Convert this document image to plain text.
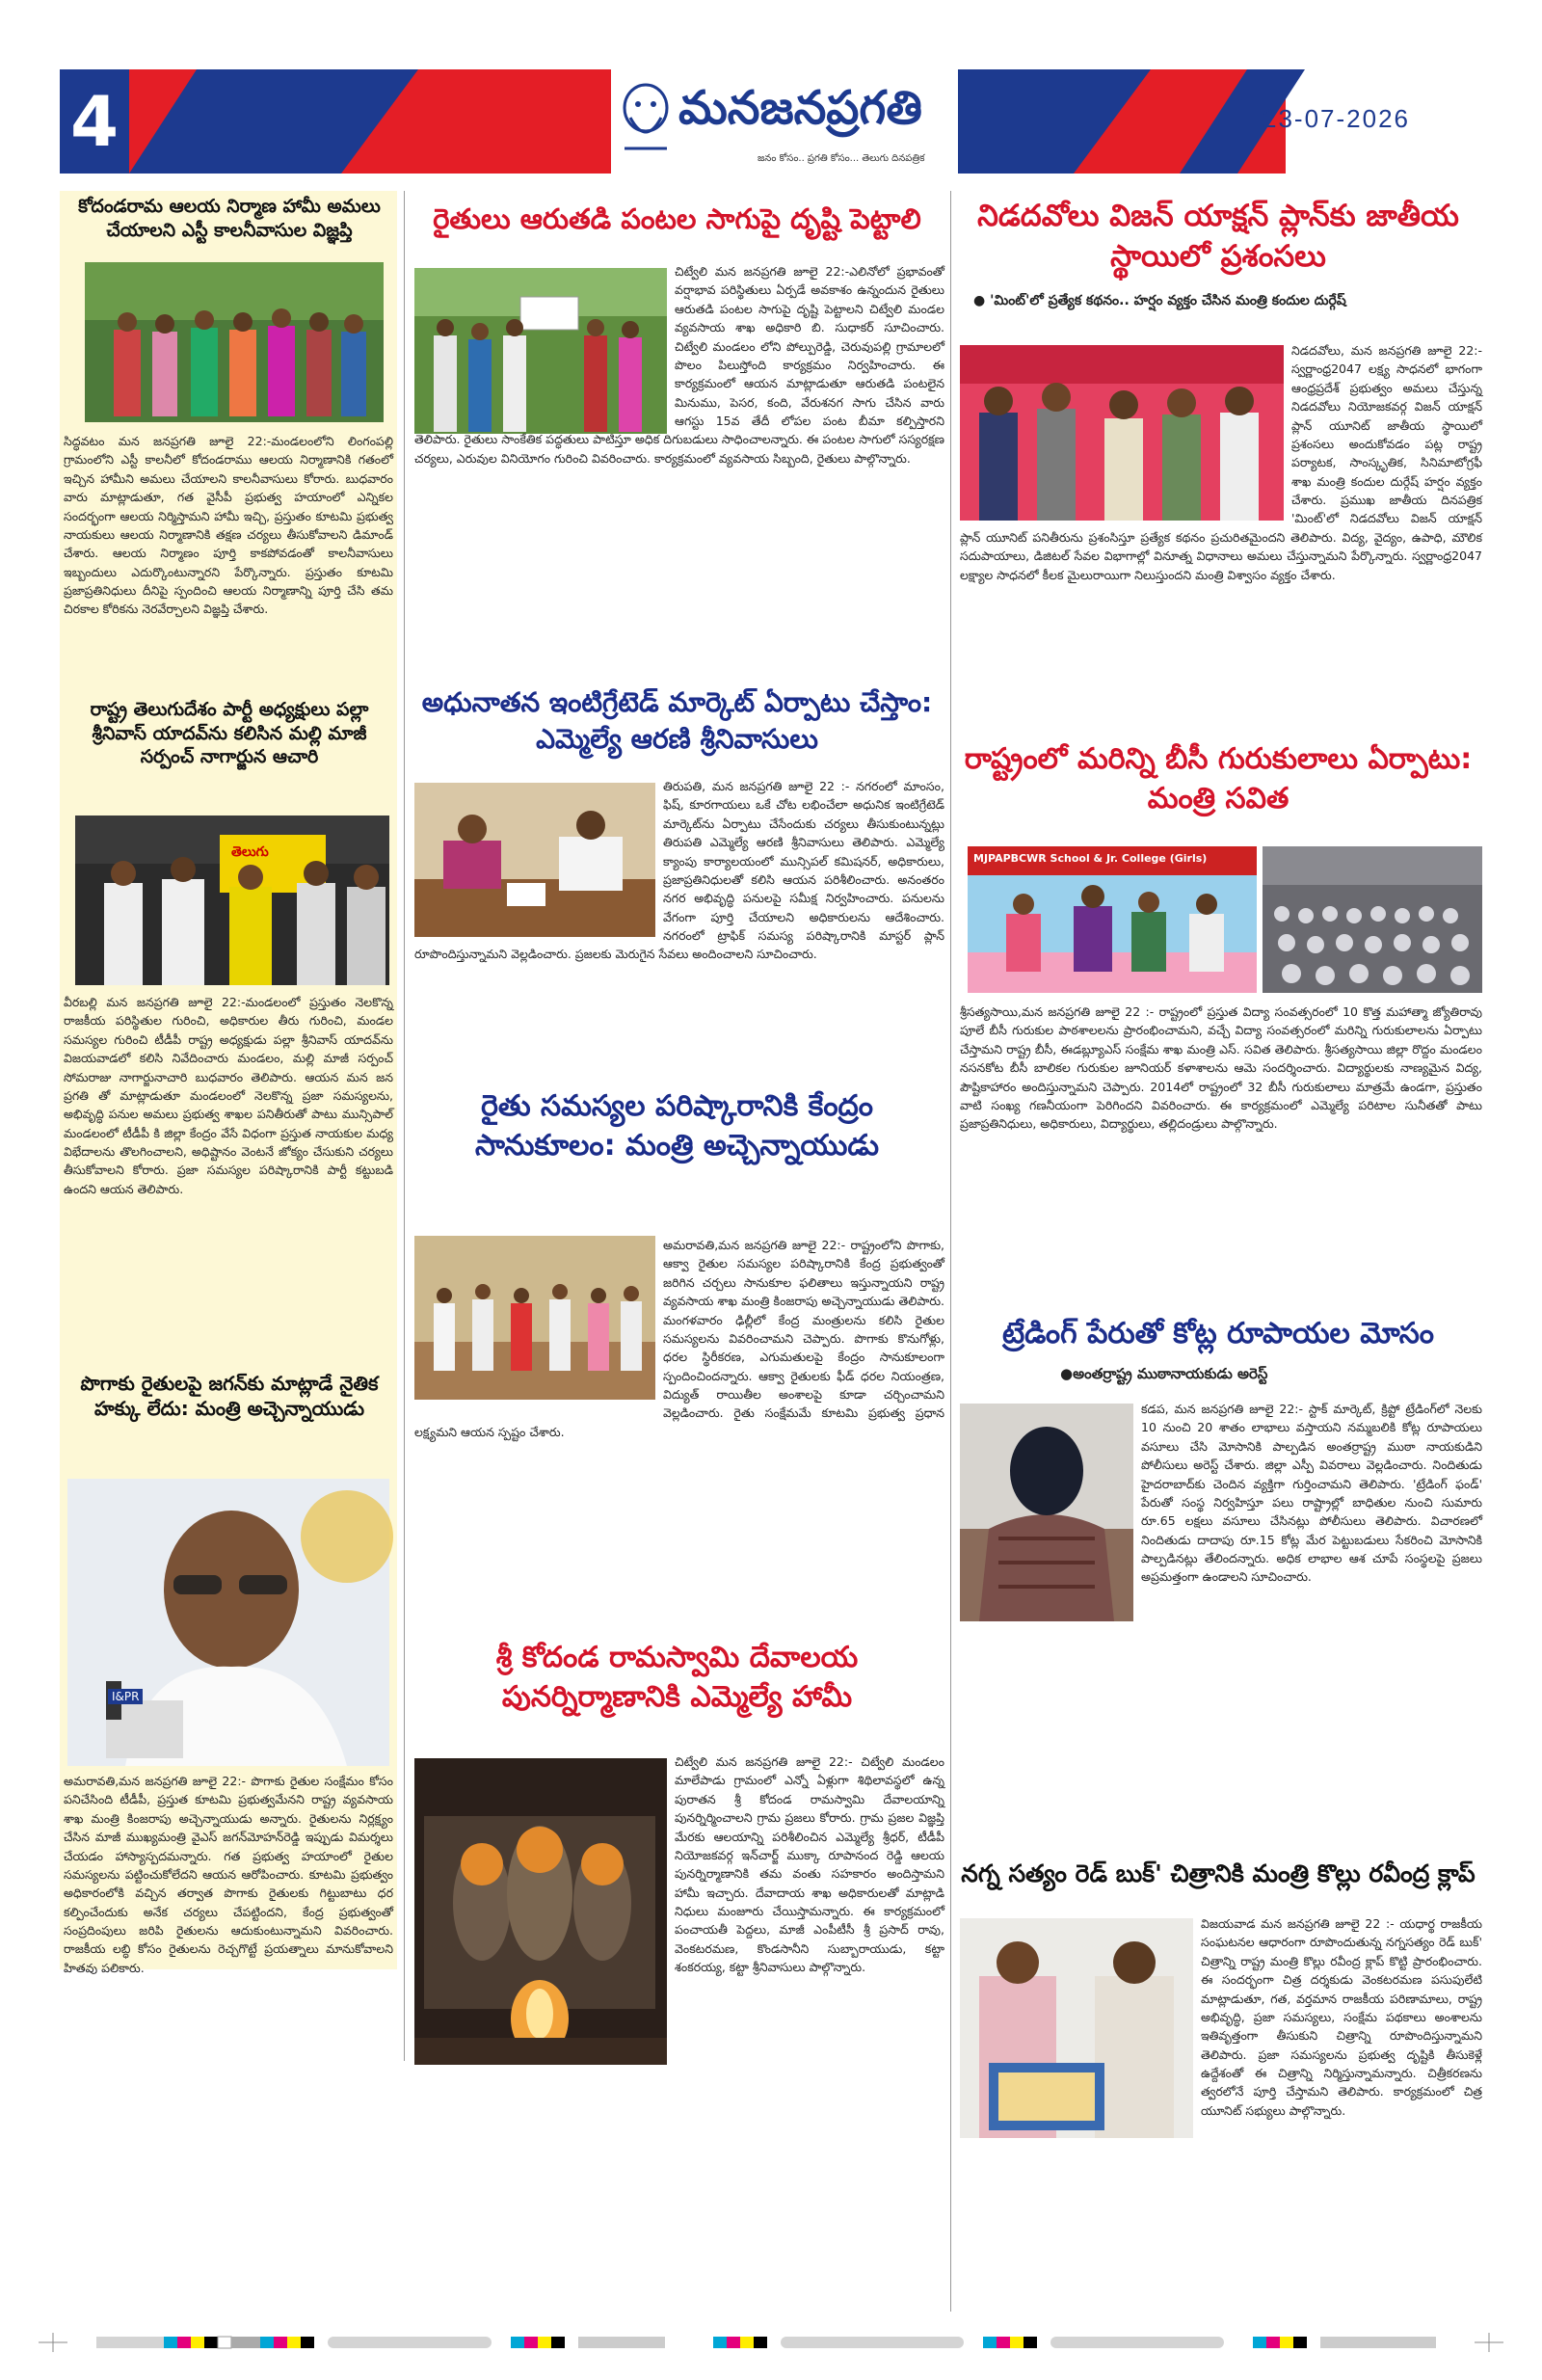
4	మనజనప్రగతి
జనం కోసం.. ప్రగతి కోసం... తెలుగు దినపత్రిక
23-07-2026
కోదండరామ ఆలయ నిర్మాణ హామీ అమలు చేయాలని ఎస్టీ కాలనీవాసుల విజ్ఞప్తి
సిద్ధవటం మన జనప్రగతి జూలై 22:-మండలంలోని లింగంపల్లి గ్రామంలోని ఎస్టీ కాలనీలో కోదండరాము ఆలయ నిర్మాణానికి గతంలో ఇచ్చిన హామీని అమలు చేయాలని కాలనీవాసులు కోరారు. బుధవారం వారు మాట్లాడుతూ, గత వైసీపీ ప్రభుత్వ హయాంలో ఎన్నికల సందర్భంగా ఆలయ నిర్మిస్తామని హామీ ఇచ్చి, ప్రస్తుతం కూటమి ప్రభుత్వ నాయకులు ఆలయ నిర్మాణానికి తక్షణ చర్యలు తీసుకోవాలని డిమాండ్ చేశారు. ఆలయ నిర్మాణం పూర్తి కాకపోవడంతో కాలనీవాసులు ఇబ్బందులు ఎదుర్కొంటున్నారని పేర్కొన్నారు. ప్రస్తుతం కూటమి ప్రజాప్రతినిధులు దీనిపై స్పందించి ఆలయ నిర్మాణాన్ని పూర్తి చేసి తమ చిరకాల కోరికను నెరవేర్చాలని విజ్ఞప్తి చేశారు.
రాష్ట్ర తెలుగుదేశం పార్టీ అధ్యక్షులు పల్లా శ్రీనివాస్ యాదవ్‌ను కలిసిన మల్లి మాజీ సర్పంచ్ నాగార్జున ఆచారి
తెలుగు
వీరబల్లి మన జనప్రగతి జూలై 22:-మండలంలో ప్రస్తుతం నెలకొన్న రాజకీయ పరిస్థితుల గురించి, అధికారుల తీరు గురించి, మండల సమస్యల గురించి టీడీపీ రాష్ట్ర అధ్యక్షుడు పల్లా శ్రీనివాస్ యాదవ్‌ను విజయవాడలో కలిసి నివేదించారు మండలం, మల్లి మాజీ సర్పంచ్ సోమరాజు నాగార్జునాచారి బుధవారం తెలిపారు. ఆయన మన జన ప్రగతి తో మాట్లాడుతూ మండలంలో నెలకొన్న ప్రజా సమస్యలను, అభివృద్ధి పనుల అమలు ప్రభుత్వ శాఖల పనితీరుతో పాటు మున్సిపాల్ మండలంలో టీడీపీ కి జిల్లా కేంద్రం వేసే విధంగా ప్రస్తుత నాయకుల మధ్య విభేదాలను తొలగించాలని, అధిష్టానం వెంటనే జోక్యం చేసుకుని చర్యలు తీసుకోవాలని కోరారు. ప్రజా సమస్యల పరిష్కారానికి పార్టీ కట్టుబడి ఉందని ఆయన తెలిపారు.
పొగాకు రైతులపై జగన్‌కు మాట్లాడే నైతిక హక్కు లేదు: మంత్రి అచ్చెన్నాయుడు
I&PR
అమరావతి,మన జనప్రగతి జూలై 22:- పొగాకు రైతుల సంక్షేమం కోసం పనిచేసింది టీడీపీ, ప్రస్తుత కూటమి ప్రభుత్వమేనని రాష్ట్ర వ్యవసాయ శాఖ మంత్రి కింజరాపు అచ్చెన్నాయుడు అన్నారు. రైతులను నిర్లక్ష్యం చేసిన మాజీ ముఖ్యమంత్రి వైఎస్ జగన్‌మోహన్‌రెడ్డి ఇప్పుడు విమర్శలు చేయడం హాస్యాస్పదమన్నారు. గత ప్రభుత్వ హయాంలో రైతుల సమస్యలను పట్టించుకోలేదని ఆయన ఆరోపించారు. కూటమి ప్రభుత్వం అధికారంలోకి వచ్చిన తర్వాత పొగాకు రైతులకు గిట్టుబాటు ధర కల్పించేందుకు అనేక చర్యలు చేపట్టిందని, కేంద్ర ప్రభుత్వంతో సంప్రదింపులు జరిపి రైతులను ఆదుకుంటున్నామని వివరించారు. రాజకీయ లబ్ధి కోసం రైతులను రెచ్చగొట్టే ప్రయత్నాలు మానుకోవాలని హితవు పలికారు.
రైతులు ఆరుతడి పంటల సాగుపై దృష్టి పెట్టాలి
చిట్వేలి మన జనప్రగతి జూలై 22:-ఎలినోలో ప్రభావంతో వర్షాభావ పరిస్థితులు ఏర్పడే అవకాశం ఉన్నందున రైతులు ఆరుతడి పంటల సాగుపై దృష్టి పెట్టాలని చిట్వేలి మండల వ్యవసాయ శాఖ అధికారి బి. సుధాకర్ సూచించారు. చిట్వేలి మండలం లోని పోల్పురెడ్డి, చెరువుపల్లి గ్రామాలలో పొలం పిలుస్తోంది కార్యక్రమం నిర్వహించారు. ఈ కార్యక్రమంలో ఆయన మాట్లాడుతూ ఆరుతడి పంటలైన మినుము, పెసర, కంది, వేరుశనగ సాగు చేసిన వారు ఆగస్టు 15వ తేదీ లోపల పంట బీమా కల్పిస్తారని తెలిపారు. రైతులు సాంకేతిక పద్ధతులు పాటిస్తూ అధిక దిగుబడులు సాధించాలన్నారు. ఈ పంటల సాగులో సస్యరక్షణ చర్యలు, ఎరువుల వినియోగం గురించి వివరించారు. కార్యక్రమంలో వ్యవసాయ సిబ్బంది, రైతులు పాల్గొన్నారు.
అధునాతన ఇంటిగ్రేటెడ్ మార్కెట్ ఏర్పాటు చేస్తాం: ఎమ్మెల్యే ఆరణి శ్రీనివాసులు
తిరుపతి, మన జనప్రగతి జూలై 22 :- నగరంలో మాంసం, ఫిష్, కూరగాయలు ఒకే చోట లభించేలా అధునిక ఇంటిగ్రేటెడ్ మార్కెట్‌ను ఏర్పాటు చేసేందుకు చర్యలు తీసుకుంటున్నట్లు తిరుపతి ఎమ్మెల్యే ఆరణి శ్రీనివాసులు తెలిపారు. ఎమ్మెల్యే క్యాంపు కార్యాలయంలో మున్సిపల్ కమిషనర్, అధికారులు, ప్రజాప్రతినిధులతో కలిసి ఆయన పరిశీలించారు. అనంతరం నగర అభివృద్ధి పనులపై సమీక్ష నిర్వహించారు. పనులను వేగంగా పూర్తి చేయాలని అధికారులను ఆదేశించారు. నగరంలో ట్రాఫిక్ సమస్య పరిష్కారానికి మాస్టర్ ప్లాన్ రూపొందిస్తున్నామని వెల్లడించారు. ప్రజలకు మెరుగైన సేవలు అందించాలని సూచించారు.
రైతు సమస్యల పరిష్కారానికి కేంద్రం సానుకూలం: మంత్రి అచ్చెన్నాయుడు
అమరావతి,మన జనప్రగతి జూలై 22:- రాష్ట్రంలోని పొగాకు, ఆక్వా రైతుల సమస్యల పరిష్కారానికి కేంద్ర ప్రభుత్వంతో జరిగిన చర్చలు సానుకూల ఫలితాలు ఇస్తున్నాయని రాష్ట్ర వ్యవసాయ శాఖ మంత్రి కింజరాపు అచ్చెన్నాయుడు తెలిపారు. మంగళవారం ఢిల్లీలో కేంద్ర మంత్రులను కలిసి రైతుల సమస్యలను వివరించామని చెప్పారు. పొగాకు కొనుగోళ్లు, ధరల స్థిరీకరణ, ఎగుమతులపై కేంద్రం సానుకూలంగా స్పందించిందన్నారు. ఆక్వా రైతులకు ఫీడ్ ధరల నియంత్రణ, విద్యుత్ రాయితీల అంశాలపై కూడా చర్చించామని వెల్లడించారు. రైతు సంక్షేమమే కూటమి ప్రభుత్వ ప్రధాన లక్ష్యమని ఆయన స్పష్టం చేశారు.
శ్రీ కోదండ రామస్వామి దేవాలయ పునర్నిర్మాణానికి ఎమ్మెల్యే హామీ
చిట్వేలి మన జనప్రగతి జూలై 22:- చిట్వేలి మండలం మాలేపాడు గ్రామంలో ఎన్నో ఏళ్లుగా శిథిలావస్థలో ఉన్న పురాతన శ్రీ కోదండ రామస్వామి దేవాలయాన్ని పునర్నిర్మించాలని గ్రామ ప్రజలు కోరారు. గ్రామ ప్రజల విజ్ఞప్తి మేరకు ఆలయాన్ని పరిశీలించిన ఎమ్మెల్యే శ్రీధర్, టీడీపీ నియోజకవర్గ ఇన్‌చార్జ్ ముక్కా రూపానంద రెడ్డి ఆలయ పునర్నిర్మాణానికి తమ వంతు సహకారం అందిస్తామని హామీ ఇచ్చారు. దేవాదాయ శాఖ అధికారులతో మాట్లాడి నిధులు మంజూరు చేయిస్తామన్నారు. ఈ కార్యక్రమంలో పంచాయతీ పెద్దలు, మాజీ ఎంపీటీసీ శ్రీ ప్రసాద్ రావు, వెంకటరమణ, కొండసానీని సుబ్బారాయుడు, కట్టా శంకరయ్య, కట్టా శ్రీనివాసులు పాల్గొన్నారు.
నిడదవోలు విజన్ యాక్షన్ ప్లాన్‌కు జాతీయ స్థాయిలో ప్రశంసలు
● 'మింట్‌'లో ప్రత్యేక కథనం.. హర్షం వ్యక్తం చేసిన మంత్రి కందుల దుర్గేష్
నిడదవోలు, మన జనప్రగతి జూలై 22:- స్వర్ణాంధ్ర2047 లక్ష్య సాధనలో భాగంగా ఆంధ్రప్రదేశ్ ప్రభుత్వం అమలు చేస్తున్న నిడదవోలు నియోజకవర్గ విజన్ యాక్షన్ ప్లాన్ యూనిట్ జాతీయ స్థాయిలో ప్రశంసలు అందుకోవడం పట్ల రాష్ట్ర పర్యాటక, సాంస్కృతిక, సినిమాటోగ్రఫీ శాఖ మంత్రి కందుల దుర్గేష్ హర్షం వ్యక్తం చేశారు. ప్రముఖ జాతీయ దినపత్రిక 'మింట్‌'లో నిడదవోలు విజన్ యాక్షన్ ప్లాన్ యూనిట్ పనితీరును ప్రశంసిస్తూ ప్రత్యేక కథనం ప్రచురితమైందని తెలిపారు. విద్య, వైద్యం, ఉపాధి, మౌలిక సదుపాయాలు, డిజిటల్ సేవల విభాగాల్లో వినూత్న విధానాలు అమలు చేస్తున్నామని పేర్కొన్నారు. స్వర్ణాంధ్ర2047 లక్ష్యాల సాధనలో కీలక మైలురాయిగా నిలుస్తుందని మంత్రి విశ్వాసం వ్యక్తం చేశారు.
రాష్ట్రంలో మరిన్ని బీసీ గురుకులాలు ఏర్పాటు: మంత్రి సవిత
MJPAPBCWR School & Jr. College (Girls)
శ్రీసత్యసాయి,మన జనప్రగతి జూలై 22 :- రాష్ట్రంలో ప్రస్తుత విద్యా సంవత్సరంలో 10 కొత్త మహాత్మా జ్యోతిరావు పూలే బీసీ గురుకుల పాఠశాలలను ప్రారంభించామని, వచ్చే విద్యా సంవత్సరంలో మరిన్ని గురుకులాలను ఏర్పాటు చేస్తామని రాష్ట్ర బీసీ, ఈడబ్ల్యూఎస్ సంక్షేమ శాఖ మంత్రి ఎస్. సవిత తెలిపారు. శ్రీసత్యసాయి జిల్లా రొద్దం మండలం నసనకోట బీసీ బాలికల గురుకుల జూనియర్ కళాశాలను ఆమె సందర్శించారు. విద్యార్థులకు నాణ్యమైన విద్య, పౌష్టికాహారం అందిస్తున్నామని చెప్పారు. 2014లో రాష్ట్రంలో 32 బీసీ గురుకులాలు మాత్రమే ఉండగా, ప్రస్తుతం వాటి సంఖ్య గణనీయంగా పెరిగిందని వివరించారు. ఈ కార్యక్రమంలో ఎమ్మెల్యే పరిటాల సునీతతో పాటు ప్రజాప్రతినిధులు, అధికారులు, విద్యార్థులు, తల్లిదండ్రులు పాల్గొన్నారు.
ట్రేడింగ్ పేరుతో కోట్ల రూపాయల మోసం
●అంతర్రాష్ట్ర ముఠానాయకుడు అరెస్ట్
కడప, మన జనప్రగతి జూలై 22:- స్టాక్ మార్కెట్, క్రిప్టో ట్రేడింగ్‌లో నెలకు 10 నుంచి 20 శాతం లాభాలు వస్తాయని నమ్మబలికి కోట్ల రూపాయలు వసూలు చేసి మోసానికి పాల్పడిన అంతర్రాష్ట్ర ముఠా నాయకుడిని పోలీసులు అరెస్ట్ చేశారు. జిల్లా ఎస్పీ వివరాలు వెల్లడించారు. నిందితుడు హైదరాబాద్‌కు చెందిన వ్యక్తిగా గుర్తించామని తెలిపారు. 'ట్రేడింగ్ ఫండ్' పేరుతో సంస్థ నిర్వహిస్తూ పలు రాష్ట్రాల్లో బాధితుల నుంచి సుమారు రూ.65 లక్షలు వసూలు చేసినట్లు పోలీసులు తెలిపారు. విచారణలో నిందితుడు దాదాపు రూ.15 కోట్ల మేర పెట్టుబడులు సేకరించి మోసానికి పాల్పడినట్లు తేలిందన్నారు. అధిక లాభాల ఆశ చూపే సంస్థలపై ప్రజలు అప్రమత్తంగా ఉండాలని సూచించారు.
నగ్న సత్యం రెడ్ బుక్' చిత్రానికి మంత్రి కొల్లు రవీంద్ర క్లాప్
విజయవాడ మన జనప్రగతి జూలై 22 :- యధార్థ రాజకీయ సంఘటనల ఆధారంగా రూపొందుతున్న నగ్నసత్యం రెడ్ బుక్' చిత్రాన్ని రాష్ట్ర మంత్రి కొల్లు రవీంద్ర క్లాప్ కొట్టి ప్రారంభించారు. ఈ సందర్భంగా చిత్ర దర్శకుడు వెంకటరమణ పసుపులేటి మాట్లాడుతూ, గత, వర్తమాన రాజకీయ పరిణామాలు, రాష్ట్ర అభివృద్ధి, ప్రజా సమస్యలు, సంక్షేమ పథకాలు అంశాలను ఇతివృత్తంగా తీసుకుని చిత్రాన్ని రూపొందిస్తున్నామని తెలిపారు. ప్రజా సమస్యలను ప్రభుత్వ దృష్టికి తీసుకెళ్లే ఉద్దేశంతో ఈ చిత్రాన్ని నిర్మిస్తున్నామన్నారు. చిత్రీకరణను త్వరలోనే పూర్తి చేస్తామని తెలిపారు. కార్యక్రమంలో చిత్ర యూనిట్ సభ్యులు పాల్గొన్నారు.
